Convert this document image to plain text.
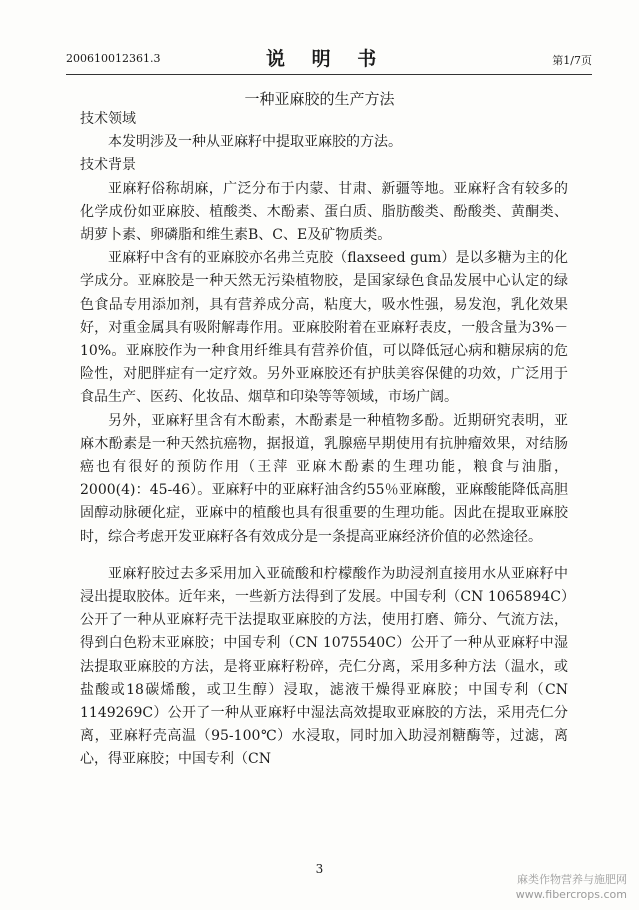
200610012361.3	说 明 书	第1/7页
一种亚麻胶的生产方法

技术领域

本发明涉及一种从亚麻籽中提取亚麻胶的方法。

技术背景

亚麻籽俗称胡麻，广泛分布于内蒙、甘肃、新疆等地。亚麻籽含有较多的化学成份如亚麻胶、植酸类、木酚素、蛋白质、脂肪酸类、酚酸类、黄酮类、胡萝卜素、卵磷脂和维生素B、C、E及矿物质类。

亚麻籽中含有的亚麻胶亦名弗兰克胶（flaxseed gum）是以多糖为主的化学成分。亚麻胶是一种天然无污染植物胶，是国家绿色食品发展中心认定的绿色食品专用添加剂，具有营养成分高，粘度大，吸水性强，易发泡，乳化效果好，对重金属具有吸附解毒作用。亚麻胶附着在亚麻籽表皮，一般含量为3%－10%。亚麻胶作为一种食用纤维具有营养价值，可以降低冠心病和糖尿病的危险性，对肥胖症有一定疗效。另外亚麻胶还有护肤美容保健的功效，广泛用于食品生产、医药、化妆品、烟草和印染等等领域，市场广阔。

另外，亚麻籽里含有木酚素，木酚素是一种植物多酚。近期研究表明，亚麻木酚素是一种天然抗癌物，据报道，乳腺癌早期使用有抗肿瘤效果，对结肠癌也有很好的预防作用（王萍 亚麻木酚素的生理功能，粮食与油脂，2000(4)：45-46）。亚麻籽中的亚麻籽油含约55％亚麻酸，亚麻酸能降低高胆固醇动脉硬化症，亚麻中的植酸也具有很重要的生理功能。因此在提取亚麻胶时，综合考虑开发亚麻籽各有效成分是一条提高亚麻经济价值的必然途径。

亚麻籽胶过去多采用加入亚硫酸和柠檬酸作为助浸剂直接用水从亚麻籽中浸出提取胶体。近年来，一些新方法得到了发展。中国专利（CN 1065894C）公开了一种从亚麻籽壳干法提取亚麻胶的方法，使用打磨、筛分、气流方法，得到白色粉末亚麻胶；中国专利（CN 1075540C）公开了一种从亚麻籽中湿法提取亚麻胶的方法，是将亚麻籽粉碎，壳仁分离，采用多种方法（温水，或盐酸或18碳烯酸，或卫生醇）浸取，滤液干燥得亚麻胶；中国专利（CN 1149269C）公开了一种从亚麻籽中湿法高效提取亚麻胶的方法，采用壳仁分离，亚麻籽壳高温（95-100℃）水浸取，同时加入助浸剂糖酶等，过滤，离心，得亚麻胶；中国专利（CN

3
麻类作物营养与施肥网
www.fibercrops.com
